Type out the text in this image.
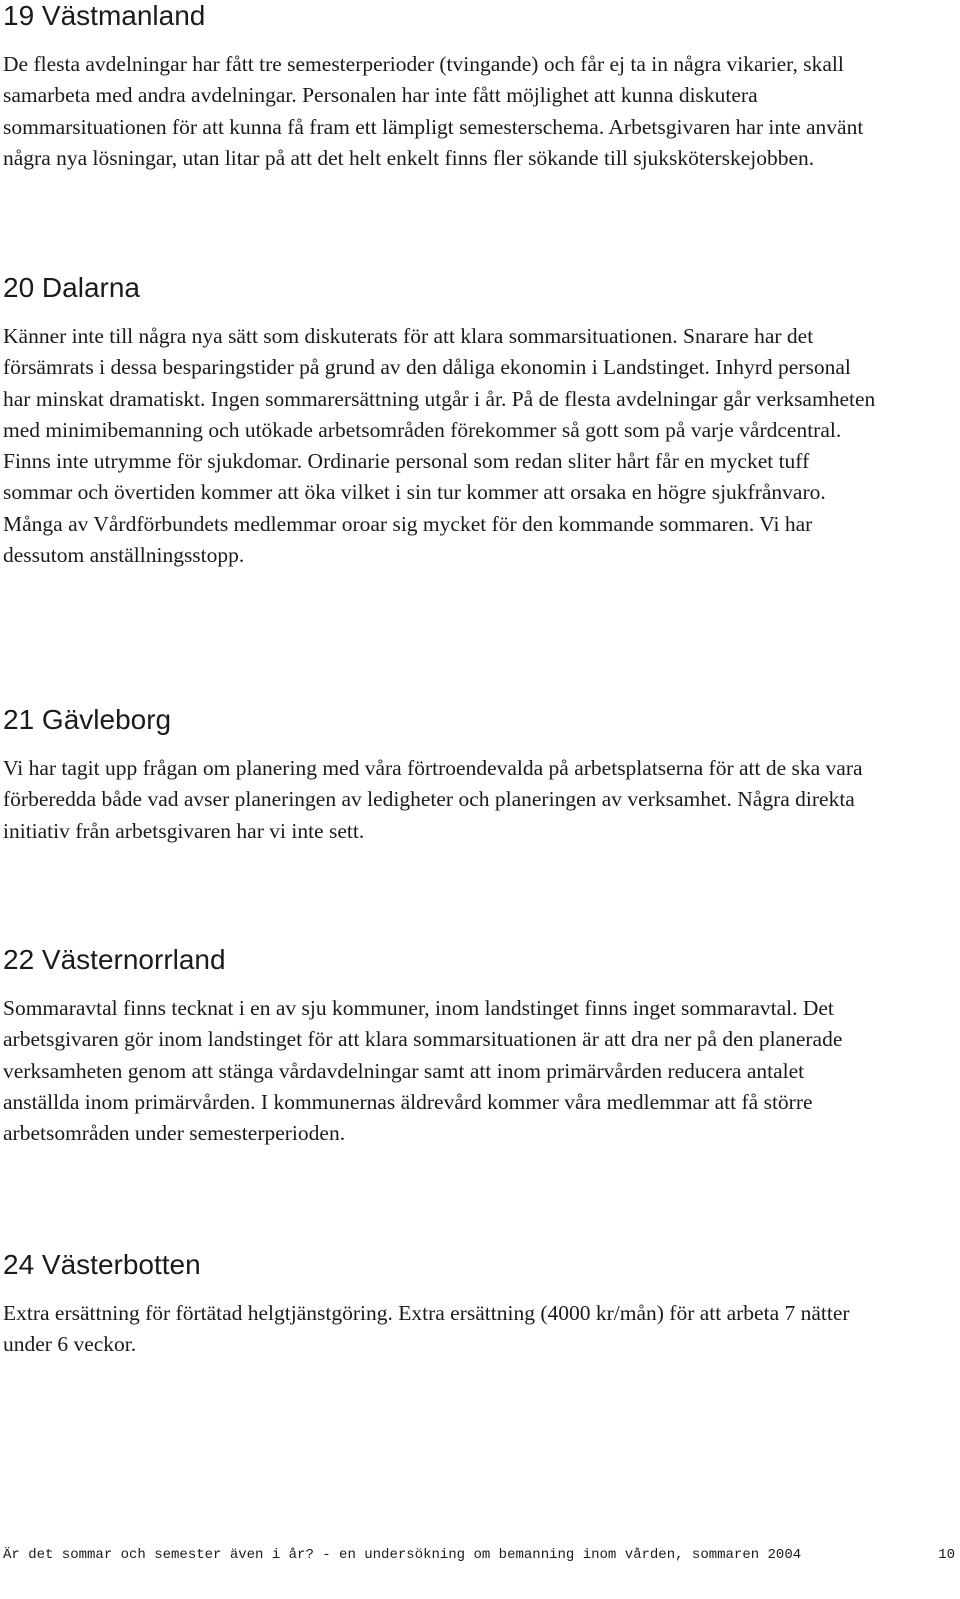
19 Västmanland

De flesta avdelningar har fått tre semesterperioder (tvingande) och får ej ta in några vikarier, skall samarbeta med andra avdelningar. Personalen har inte fått möjlighet att kunna diskutera sommarsituationen för att kunna få fram ett lämpligt semesterschema. Arbetsgivaren har inte använt några nya lösningar, utan litar på att det helt enkelt finns fler sökande till sjuksköterskejobben.

20 Dalarna

Känner inte till några nya sätt som diskuterats för att klara sommarsituationen. Snarare har det försämrats i dessa besparingstider på grund av den dåliga ekonomin i Landstinget. Inhyrd personal har minskat dramatiskt. Ingen sommarersättning utgår i år. På de flesta avdelningar går verksamheten med minimibemanning och utökade arbetsområden förekommer så gott som på varje vårdcentral. Finns inte utrymme för sjukdomar. Ordinarie personal som redan sliter hårt får en mycket tuff sommar och övertiden kommer att öka vilket i sin tur kommer att orsaka en högre sjukfrånvaro. Många av Vårdförbundets medlemmar oroar sig mycket för den kommande sommaren. Vi har dessutom anställningsstopp.

21 Gävleborg

Vi har tagit upp frågan om planering med våra förtroendevalda på arbetsplatserna för att de ska vara förberedda både vad avser planeringen av ledigheter och planeringen av verksamhet. Några direkta initiativ från arbetsgivaren har vi inte sett.

22 Västernorrland

Sommaravtal finns tecknat i en av sju kommuner, inom landstinget finns inget sommaravtal. Det arbetsgivaren gör inom landstinget för att klara sommarsituationen är att dra ner på den planerade verksamheten genom att stänga vårdavdelningar samt att inom primärvården reducera antalet anställda inom primärvården. I kommunernas äldrevård kommer våra medlemmar att få större arbetsområden under semesterperioden.

24 Västerbotten

Extra ersättning för förtätad helgtjänstgöring. Extra ersättning (4000 kr/mån) för att arbeta 7 nätter under 6 veckor.

Är det sommar och semester även i år? - en undersökning om bemanning inom vården, sommaren 2004	10
